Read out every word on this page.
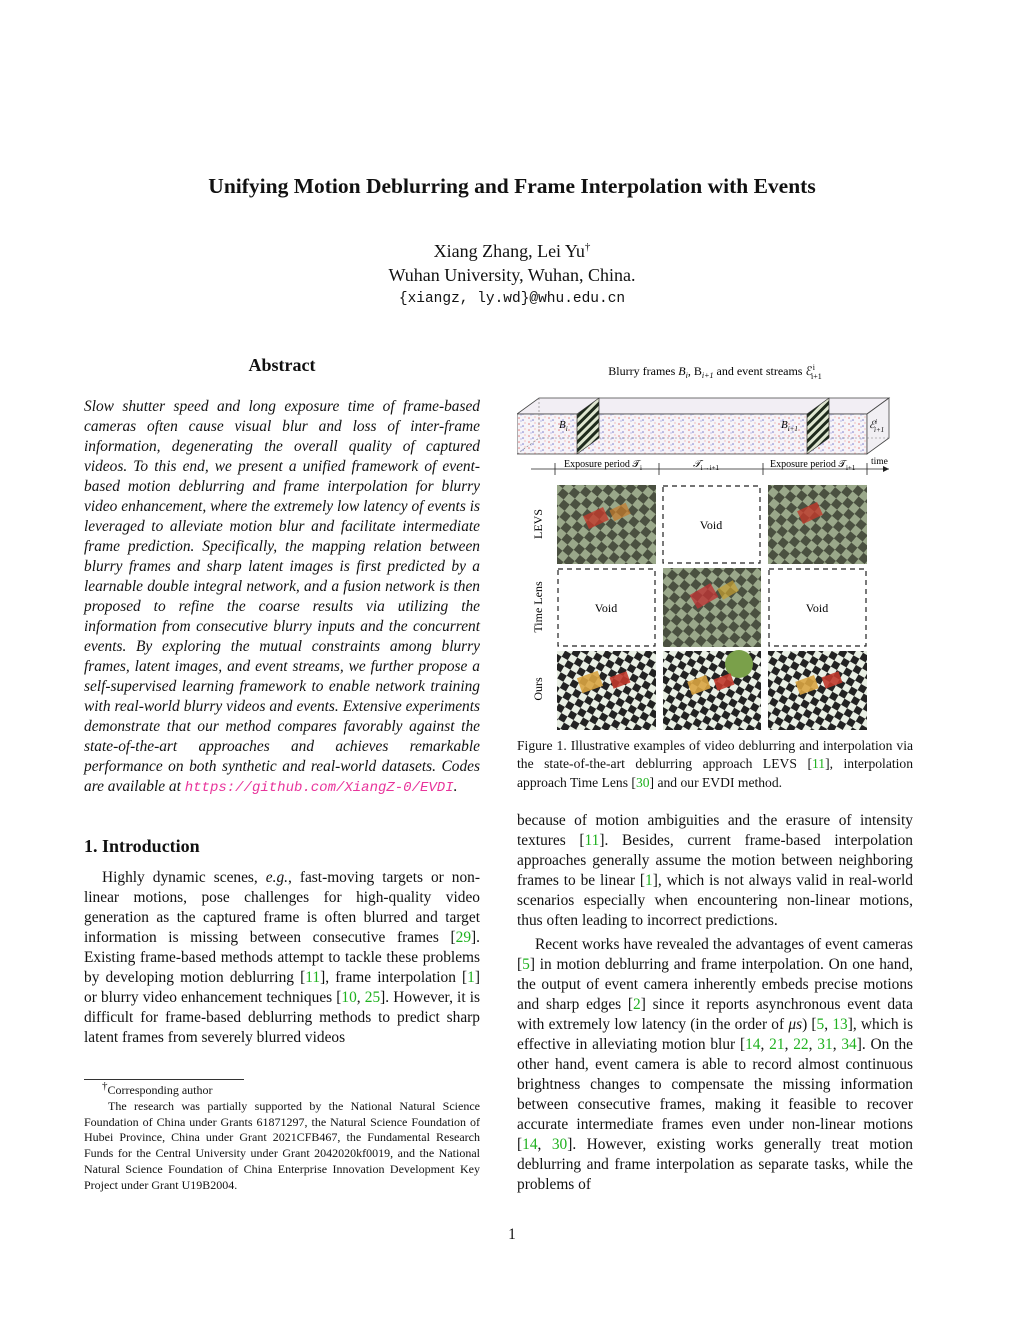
Unifying Motion Deblurring and Frame Interpolation with Events
Xiang Zhang, Lei Yu†
Wuhan University, Wuhan, China.
{xiangz, ly.wd}@whu.edu.cn
Abstract

Slow shutter speed and long exposure time of frame-based cameras often cause visual blur and loss of inter-frame information, degenerating the overall quality of captured videos. To this end, we present a unified framework of event-based motion deblurring and frame interpolation for blurry video enhancement, where the extremely low latency of events is leveraged to alleviate motion blur and facilitate intermediate frame prediction. Specifically, the mapping relation between blurry frames and sharp latent images is first predicted by a learnable double integral network, and a fusion network is then proposed to refine the coarse results via utilizing the information from consecutive blurry inputs and the concurrent events. By exploring the mutual constraints among blurry frames, latent images, and event streams, we further propose a self-supervised learning framework to enable network training with real-world blurry videos and events. Extensive experiments demonstrate that our method compares favorably against the state-of-the-art approaches and achieves remarkable performance on both synthetic and real-world datasets. Codes are available at https://github.com/XiangZ-0/EVDI.

1. Introduction

Highly dynamic scenes, e.g., fast-moving targets or non-linear motions, pose challenges for high-quality video generation as the captured frame is often blurred and target information is missing between consecutive frames [29]. Existing frame-based methods attempt to tackle these problems by developing motion deblurring [11], frame interpolation [1] or blurry video enhancement techniques [10, 25]. However, it is difficult for frame-based deblurring methods to predict sharp latent frames from severely blurred videos

†Corresponding author
The research was partially supported by the National Natural Science Foundation of China under Grants 61871297, the Natural Science Foundation of Hubei Province, China under Grant 2021CFB467, the Fundamental Research Funds for the Central University under Grant 2042020kf0019, and the National Natural Science Foundation of China Enterprise Innovation Development Key Project under Grant U19B2004.
Blurry frames $B_i$, $B_{i+1}$ and event streams ℰ$^i$ i+1
$B_i$	$B_{i+1}$	ℰ$^i$ i+1
Exposure period 𝒯$_i$	𝒯$_{i\to i+1}$	Exposure period 𝒯$_{i+1}$
time
LEVS
Time Lens
Ours
Void
Void	Void
Figure 1. Illustrative examples of video deblurring and interpolation via the state-of-the-art deblurring approach LEVS [11], interpolation approach Time Lens [30] and our EVDI method.

because of motion ambiguities and the erasure of intensity textures [11]. Besides, current frame-based interpolation approaches generally assume the motion between neighboring frames to be linear [1], which is not always valid in real-world scenarios especially when encountering non-linear motions, thus often leading to incorrect predictions.

Recent works have revealed the advantages of event cameras [5] in motion deblurring and frame interpolation. On one hand, the output of event camera inherently embeds precise motions and sharp edges [2] since it reports asynchronous event data with extremely low latency (in the order of μs) [5, 13], which is effective in alleviating motion blur [14, 21, 22, 31, 34]. On the other hand, event camera is able to record almost continuous brightness changes to compensate the missing information between consecutive frames, making it feasible to recover accurate intermediate frames even under non-linear motions [14, 30]. However, existing works generally treat motion deblurring and frame interpolation as separate tasks, while the problems of

1
